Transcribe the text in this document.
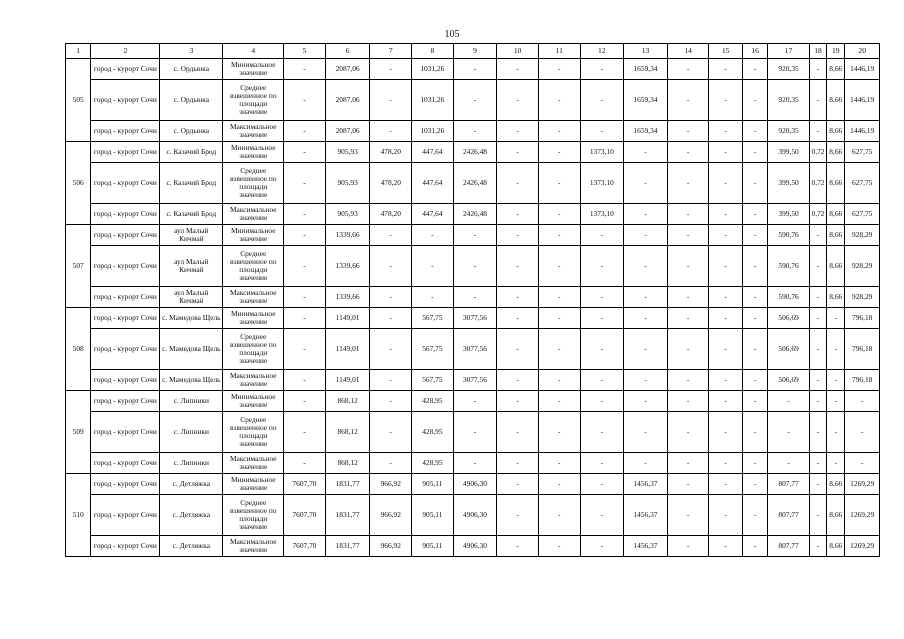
105
1	2	3	4	5	6	7	8	9	10	11	12	13	14	15	16	17	18	19	20
505	город - курорт Сочи	с. Ордынка	Минимальное значение	-	2087,06	-	1031,26	-	-	-	-	1659,34	-	-	-	920,35	-	8,66	1446,19
	город - курорт Сочи	с. Ордынка	Среднее взвешенное по площади значение	-	2087,06	-	1031,26	-	-	-	-	1659,34	-	-	-	920,35	-	8,66	1446,19
	город - курорт Сочи	с. Ордынка	Максимальное значение	-	2087,06	-	1031,26	-	-	-	-	1659,34	-	-	-	920,35	-	8,66	1446,19
506	город - курорт Сочи	с. Казачий Брод	Минимальное значение	-	905,93	478,20	447,64	2426,48	-	-	1373,10	-	-	-	-	399,50	0,72	8,66	627,75
	город - курорт Сочи	с. Казачий Брод	Среднее взвешенное по площади значение	-	905,93	478,20	447,64	2426,48	-	-	1373,10	-	-	-	-	399,50	0,72	8,66	627,75
	город - курорт Сочи	с. Казачий Брод	Максимальное значение	-	905,93	478,20	447,64	2426,48	-	-	1373,10	-	-	-	-	399,50	0,72	8,66	627,75
507	город - курорт Сочи	аул Малый Кичмай	Минимальное значение	-	1339,66	-	-	-	-	-	-	-	-	-	-	590,76	-	8,66	928,29
	город - курорт Сочи	аул Малый Кичмай	Среднее взвешенное по площади значение	-	1339,66	-	-	-	-	-	-	-	-	-	-	590,76	-	8,66	928,29
	город - курорт Сочи	аул Малый Кичмай	Максимальное значение	-	1339,66	-	-	-	-	-	-	-	-	-	-	590,76	-	8,66	928,29
508	город - курорт Сочи	с. Мамедова Щель	Минимальное значение	-	1149,01	-	567,75	3077,56	-	-	-	-	-	-	-	506,69	-	-	796,18
	город - курорт Сочи	с. Мамедова Щель	Среднее взвешенное по площади значение	-	1149,01	-	567,75	3077,56	-	-	-	-	-	-	-	506,69	-	-	796,18
	город - курорт Сочи	с. Мамедова Щель	Максимальное значение	-	1149,01	-	567,75	3077,56	-	-	-	-	-	-	-	506,69	-	-	796,18
509	город - курорт Сочи	с. Липники	Минимальное значение	-	868,12	-	428,95	-	-	-	-	-	-	-	-	-	-	-	-
	город - курорт Сочи	с. Липники	Среднее взвешенное по площади значение	-	868,12	-	428,95	-	-	-	-	-	-	-	-	-	-	-	-
	город - курорт Сочи	с. Липники	Максимальное значение	-	868,12	-	428,95	-	-	-	-	-	-	-	-	-	-	-	-
510	город - курорт Сочи	с. Детляжка	Минимальное значение	7607,70	1831,77	966,92	905,11	4906,30	-	-	-	1456,37	-	-	-	807,77	-	8,66	1269,29
	город - курорт Сочи	с. Детляжка	Среднее взвешенное по площади значение	7607,70	1831,77	966,92	905,11	4906,30	-	-	-	1456,37	-	-	-	807,77	-	8,66	1269,29
	город - курорт Сочи	с. Детляжка	Максимальное значение	7607,70	1831,77	966,92	905,11	4906,30	-	-	-	1456,37	-	-	-	807,77	-	8,66	1269,29
